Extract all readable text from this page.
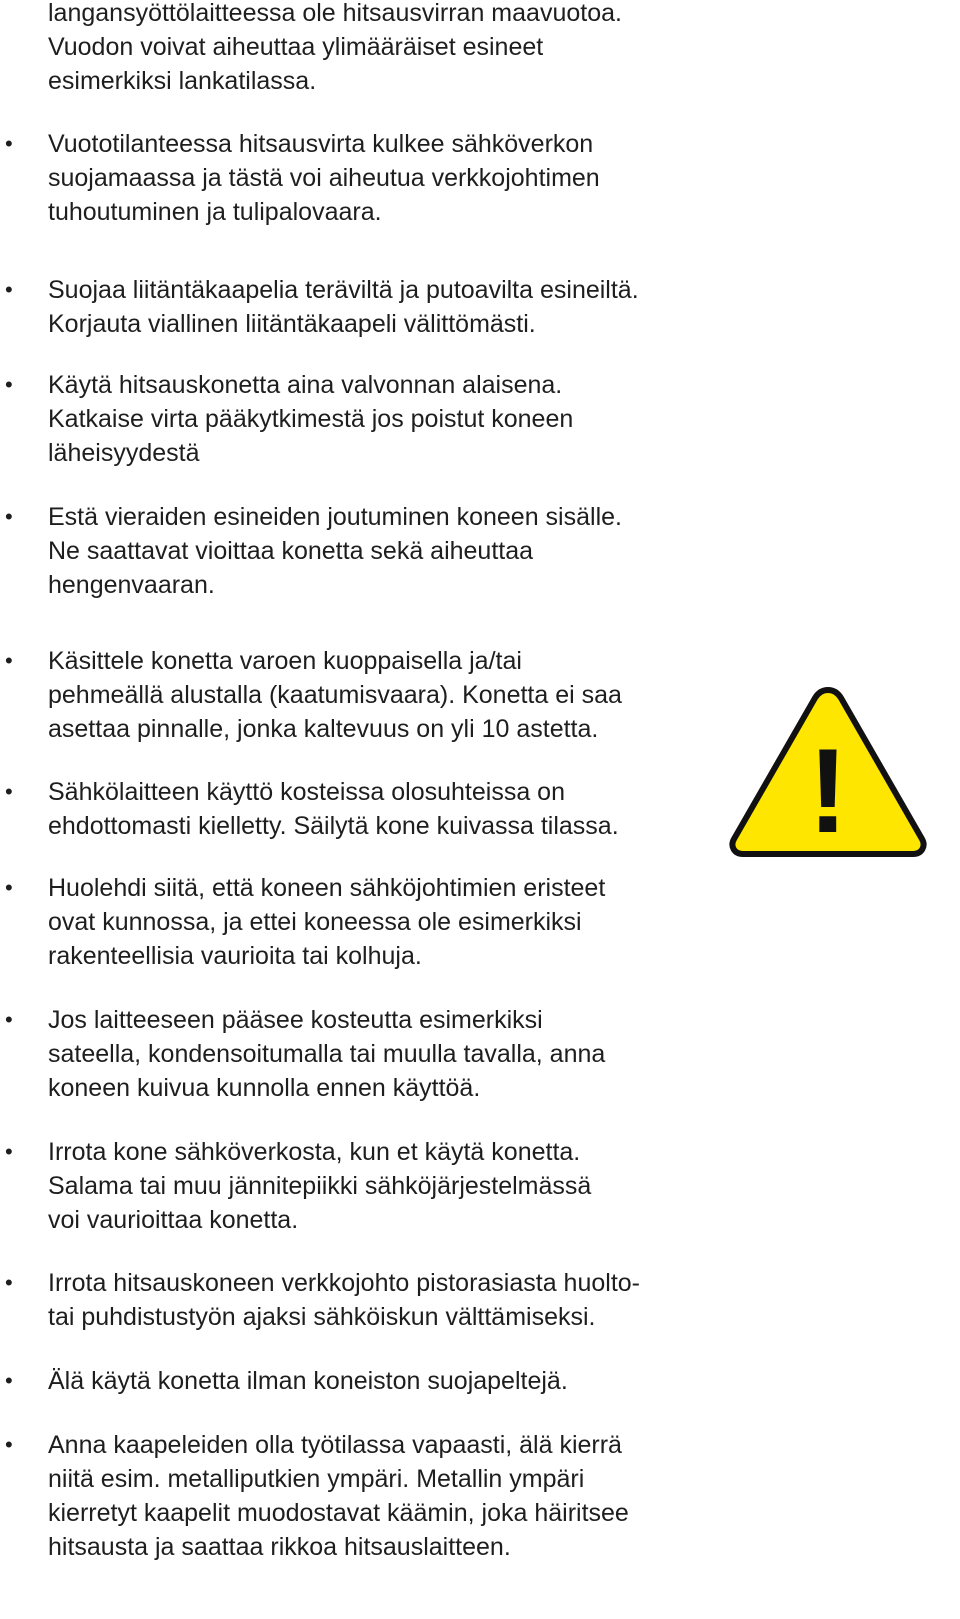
langansyöttölaitteessa ole hitsausvirran maavuotoa.
Vuodon voivat aiheuttaa ylimääräiset esineet
esimerkiksi lankatilassa.
• Vuototilanteessa hitsausvirta kulkee sähköverkon
suojamaassa ja tästä voi aiheutua verkkojohtimen
tuhoutuminen ja tulipalovaara.
• Suojaa liitäntäkaapelia teräviltä ja putoavilta esineiltä.
Korjauta viallinen liitäntäkaapeli välittömästi.
• Käytä hitsauskonetta aina valvonnan alaisena.
Katkaise virta pääkytkimestä jos poistut koneen
läheisyydestä
• Estä vieraiden esineiden joutuminen koneen sisälle.
Ne saattavat vioittaa konetta sekä aiheuttaa
hengenvaaran.
• Käsittele konetta varoen kuoppaisella ja/tai
pehmeällä alustalla (kaatumisvaara). Konetta ei saa
asettaa pinnalle, jonka kaltevuus on yli 10 astetta.
• Sähkölaitteen käyttö kosteissa olosuhteissa on
ehdottomasti kielletty. Säilytä kone kuivassa tilassa.
• Huolehdi siitä, että koneen sähköjohtimien eristeet
ovat kunnossa, ja ettei koneessa ole esimerkiksi
rakenteellisia vaurioita tai kolhuja.
• Jos laitteeseen pääsee kosteutta esimerkiksi
sateella, kondensoitumalla tai muulla tavalla, anna
koneen kuivua kunnolla ennen käyttöä.
• Irrota kone sähköverkosta, kun et käytä konetta.
Salama tai muu jännitepiikki sähköjärjestelmässä
voi vaurioittaa konetta.
• Irrota hitsauskoneen verkkojohto pistorasiasta huolto-
tai puhdistustyön ajaksi sähköiskun välttämiseksi.
• Älä käytä konetta ilman koneiston suojapeltejä.
• Anna kaapeleiden olla työtilassa vapaasti, älä kierrä
niitä esim. metalliputkien ympäri. Metallin ympäri
kierretyt kaapelit muodostavat käämin, joka häiritsee
hitsausta ja saattaa rikkoa hitsauslaitteen.
!
